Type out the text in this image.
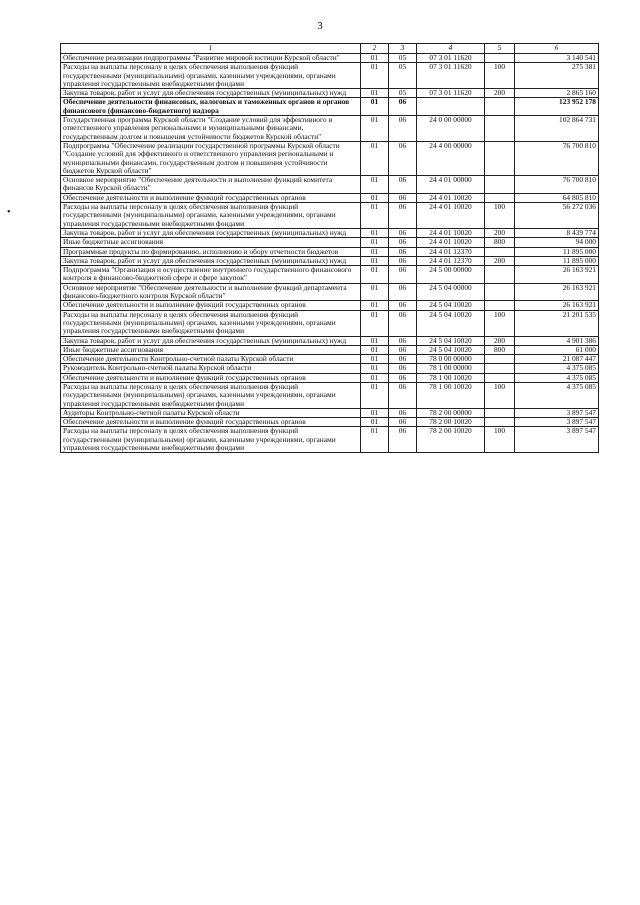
3
•
1	2	3	4	5	6
Обеспечение реализации подпрограммы "Развитие мировой юстиции Курской области"	01	05	07 3 01 11620		3 140 541
Расходы на выплаты персоналу в целях обеспечения выполнения функций государственными (муниципальными) органами, казенными учреждениями, органами управления государственными внебюджетными фондами	01	05	07 3 01 11620	100	275 381
Закупка товаров, работ и услуг для обеспечения государственных (муниципальных) нужд	01	05	07 3 01 11620	200	2 865 160
Обеспечение деятельности финансовых, налоговых и таможенных органов и органов финансового (финансово-бюджетного) надзора	01	06			123 952 178
Государственная программа Курской области "Создание условий для эффективного и ответственного управления региональными и муниципальными финансами, государственным долгом и повышения устойчивости бюджетов Курской области"	01	06	24 0 00 00000		102 864 731
Подпрограмма "Обеспечение реализации государственной программы Курской области "Создание условий для эффективного и ответственного управления региональными и муниципальными финансами, государственным долгом и повышения устойчивости бюджетов Курской области"	01	06	24 4 00 00000		76 700 810
Основное мероприятие "Обеспечение деятельности и выполнение функций комитета финансов Курской области"	01	06	24 4 01 00000		76 700 810
Обеспечение деятельности и выполнение функций государственных органов	01	06	24 4 01 10020		64 805 810
Расходы на выплаты персоналу в целях обеспечения выполнения функций государственными (муниципальными) органами, казенными учреждениями, органами управления государственными внебюджетными фондами	01	06	24 4 01 10020	100	56 272 036
Закупка товаров, работ и услуг для обеспечения государственных (муниципальных) нужд	01	06	24 4 01 10020	200	8 439 774
Иные бюджетные ассигнования	01	06	24 4 01 10020	800	94 000
Программные продукты по формированию, исполнению и обору отчетности бюджетов	01	06	24 4 01 12370		11 895 000
Закупка товаров, работ и услуг для обеспечения государственных (муниципальных) нужд	01	06	24 4 01 12370	200	11 895 000
Подпрограмма "Организация и осуществление внутреннего государственного финансового контроля в финансово-бюджетной сфере и сфере закупок"	01	06	24 5 00 00000		26 163 921
Основное мероприятие "Обеспечение деятельности и выполнение функций департамента финансово-бюджетного контроля Курской области"	01	06	24 5 04 00000		26 163 921
Обеспечение деятельности и выполнение функций государственных органов	01	06	24 5 04 10020		26 163 921
Расходы на выплаты персоналу в целях обеспечения выполнения функций государственными (муниципальными) органами, казенными учреждениями, органами управления государственными внебюджетными фондами	01	06	24 5 04 10020	100	21 201 535
Закупка товаров, работ и услуг для обеспечения государственных (муниципальных) нужд	01	06	24 5 04 10020	200	4 901 386
Иные бюджетные ассигнования	01	06	24 5 04 10020	800	61 000
Обеспечение деятельности Контрольно-счетной палаты Курской области	01	06	78 0 00 00000		21 087 447
Руководитель Контрольно-счетной палаты Курской области	01	06	78 1 00 00000		4 375 085
Обеспечение деятельности и выполнение функций государственных органов	01	06	78 1 00 10020		4 375 085
Расходы на выплаты персоналу в целях обеспечения выполнения функций государственными (муниципальными) органами, казенными учреждениями, органами управления государственными внебюджетными фондами	01	06	78 1 00 10020	100	4 375 085
Аудиторы Контрольно-счетной палаты Курской области	01	06	78 2 00 00000		3 897 547
Обеспечение деятельности и выполнение функций государственных органов	01	06	78 2 00 10020		3 897 547
Расходы на выплаты персоналу в целях обеспечения выполнения функций государственными (муниципальными) органами, казенными учреждениями, органами управления государственными внебюджетными фондами	01	06	78 2 00 10020	100	3 897 547
